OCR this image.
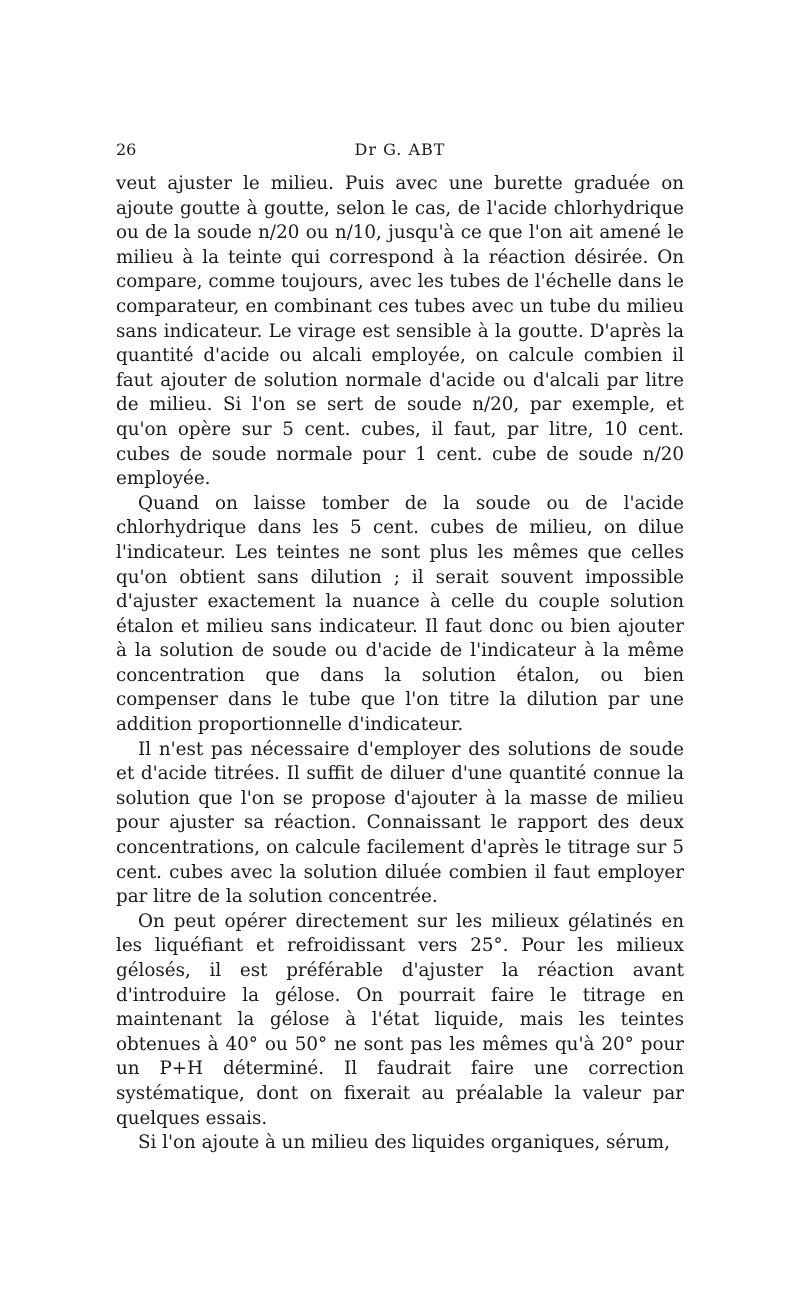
26	Dr G. ABT

veut ajuster le milieu. Puis avec une burette graduée on ajoute goutte à goutte, selon le cas, de l'acide chlorhydrique ou de la soude n/20 ou n/10, jusqu'à ce que l'on ait amené le milieu à la teinte qui correspond à la réaction désirée. On compare, comme toujours, avec les tubes de l'échelle dans le comparateur, en combinant ces tubes avec un tube du milieu sans indicateur. Le virage est sensible à la goutte. D'après la quantité d'acide ou alcali employée, on calcule combien il faut ajouter de solution normale d'acide ou d'alcali par litre de milieu. Si l'on se sert de soude n/20, par exemple, et qu'on opère sur 5 cent. cubes, il faut, par litre, 10 cent. cubes de soude normale pour 1 cent. cube de soude n/20 employée.

Quand on laisse tomber de la soude ou de l'acide chlorhydrique dans les 5 cent. cubes de milieu, on dilue l'indicateur. Les teintes ne sont plus les mêmes que celles qu'on obtient sans dilution ; il serait souvent impossible d'ajuster exactement la nuance à celle du couple solution étalon et milieu sans indicateur. Il faut donc ou bien ajouter à la solution de soude ou d'acide de l'indicateur à la même concentration que dans la solution étalon, ou bien compenser dans le tube que l'on titre la dilution par une addition proportionnelle d'indicateur.

Il n'est pas nécessaire d'employer des solutions de soude et d'acide titrées. Il suffit de diluer d'une quantité connue la solution que l'on se propose d'ajouter à la masse de milieu pour ajuster sa réaction. Connaissant le rapport des deux concentrations, on calcule facilement d'après le titrage sur 5 cent. cubes avec la solution diluée combien il faut employer par litre de la solution concentrée.

On peut opérer directement sur les milieux gélatinés en les liquéfiant et refroidissant vers 25°. Pour les milieux gélosés, il est préférable d'ajuster la réaction avant d'introduire la gélose. On pourrait faire le titrage en maintenant la gélose à l'état liquide, mais les teintes obtenues à 40° ou 50° ne sont pas les mêmes qu'à 20° pour un P+H déterminé. Il faudrait faire une correction systématique, dont on fixerait au préalable la valeur par quelques essais.

Si l'on ajoute à un milieu des liquides organiques, sérum,
